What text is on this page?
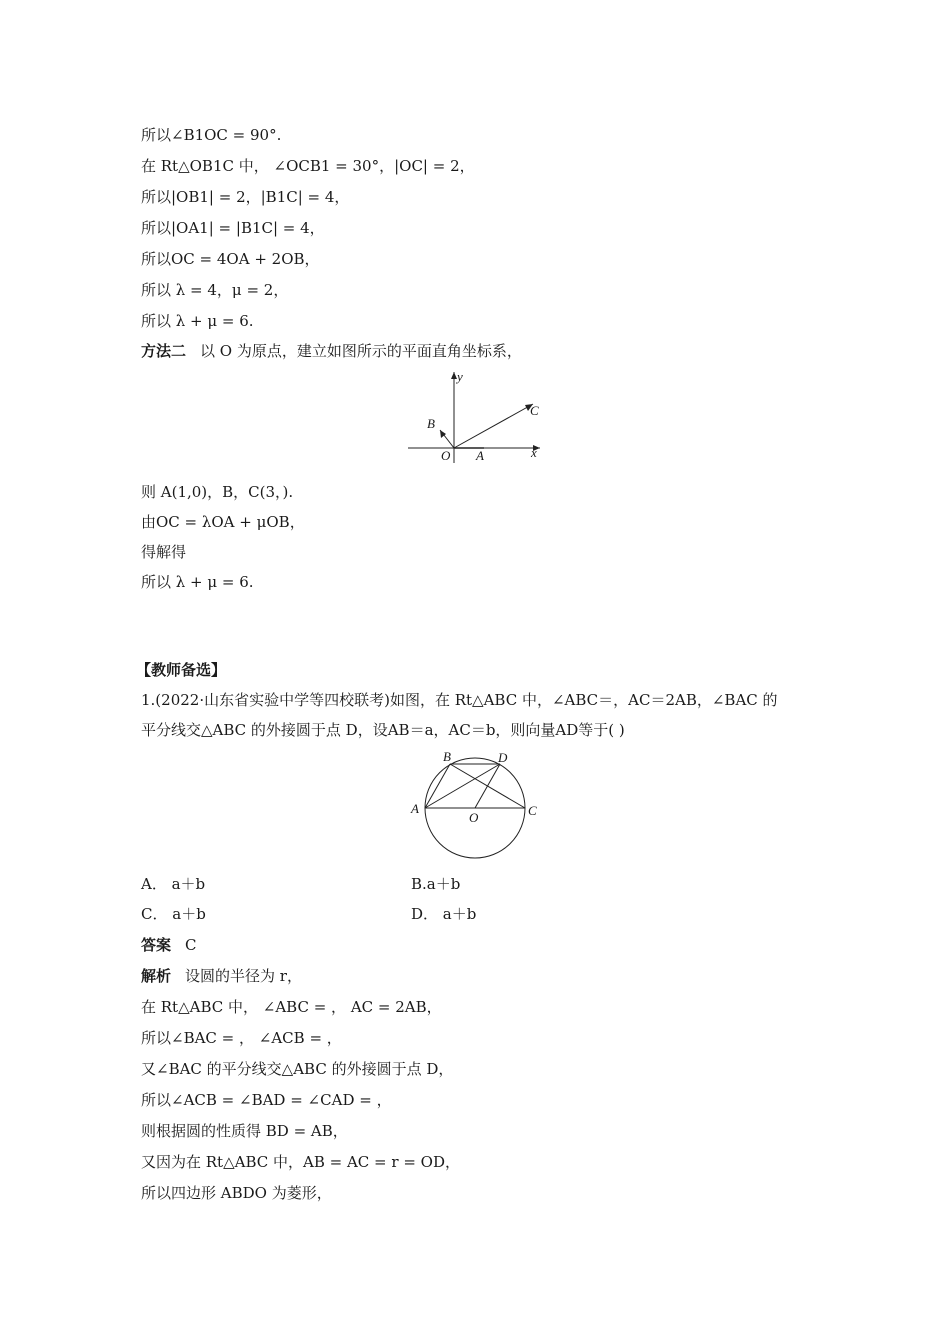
所以∠B1OC = 90°.
在 Rt△OB1C 中， ∠OCB1 = 30°，|OC| = 2，
所以|OB1| = 2，|B1C| = 4，
所以|OA1| = |B1C| = 4，
所以OC = 4OA + 2OB，
所以 λ = 4，μ = 2，
所以 λ + μ = 6.
方法二 以 O 为原点，建立如图所示的平面直角坐标系，
y
x
O A
B
C
则 A(1,0)，B，C(3，).
由OC = λOA + μOB，
得解得
所以 λ + μ = 6.
【教师备选】
1.(2022·山东省实验中学等四校联考)如图，在 Rt△ABC 中，∠ABC＝，AC＝2AB，∠BAC 的
平分线交△ABC 的外接圆于点 D，设AB＝a，AC＝b，则向量AD等于( )
B	D
A	C
O
A． a＋b	B.a＋b
C． a＋b	D． a＋b
答案 C
解析 设圆的半径为 r，
在 Rt△ABC 中， ∠ABC = ， AC = 2AB，
所以∠BAC = ， ∠ACB = ，
又∠BAC 的平分线交△ABC 的外接圆于点 D，
所以∠ACB = ∠BAD = ∠CAD = ，
则根据圆的性质得 BD = AB，
又因为在 Rt△ABC 中，AB = AC = r = OD，
所以四边形 ABDO 为菱形，
